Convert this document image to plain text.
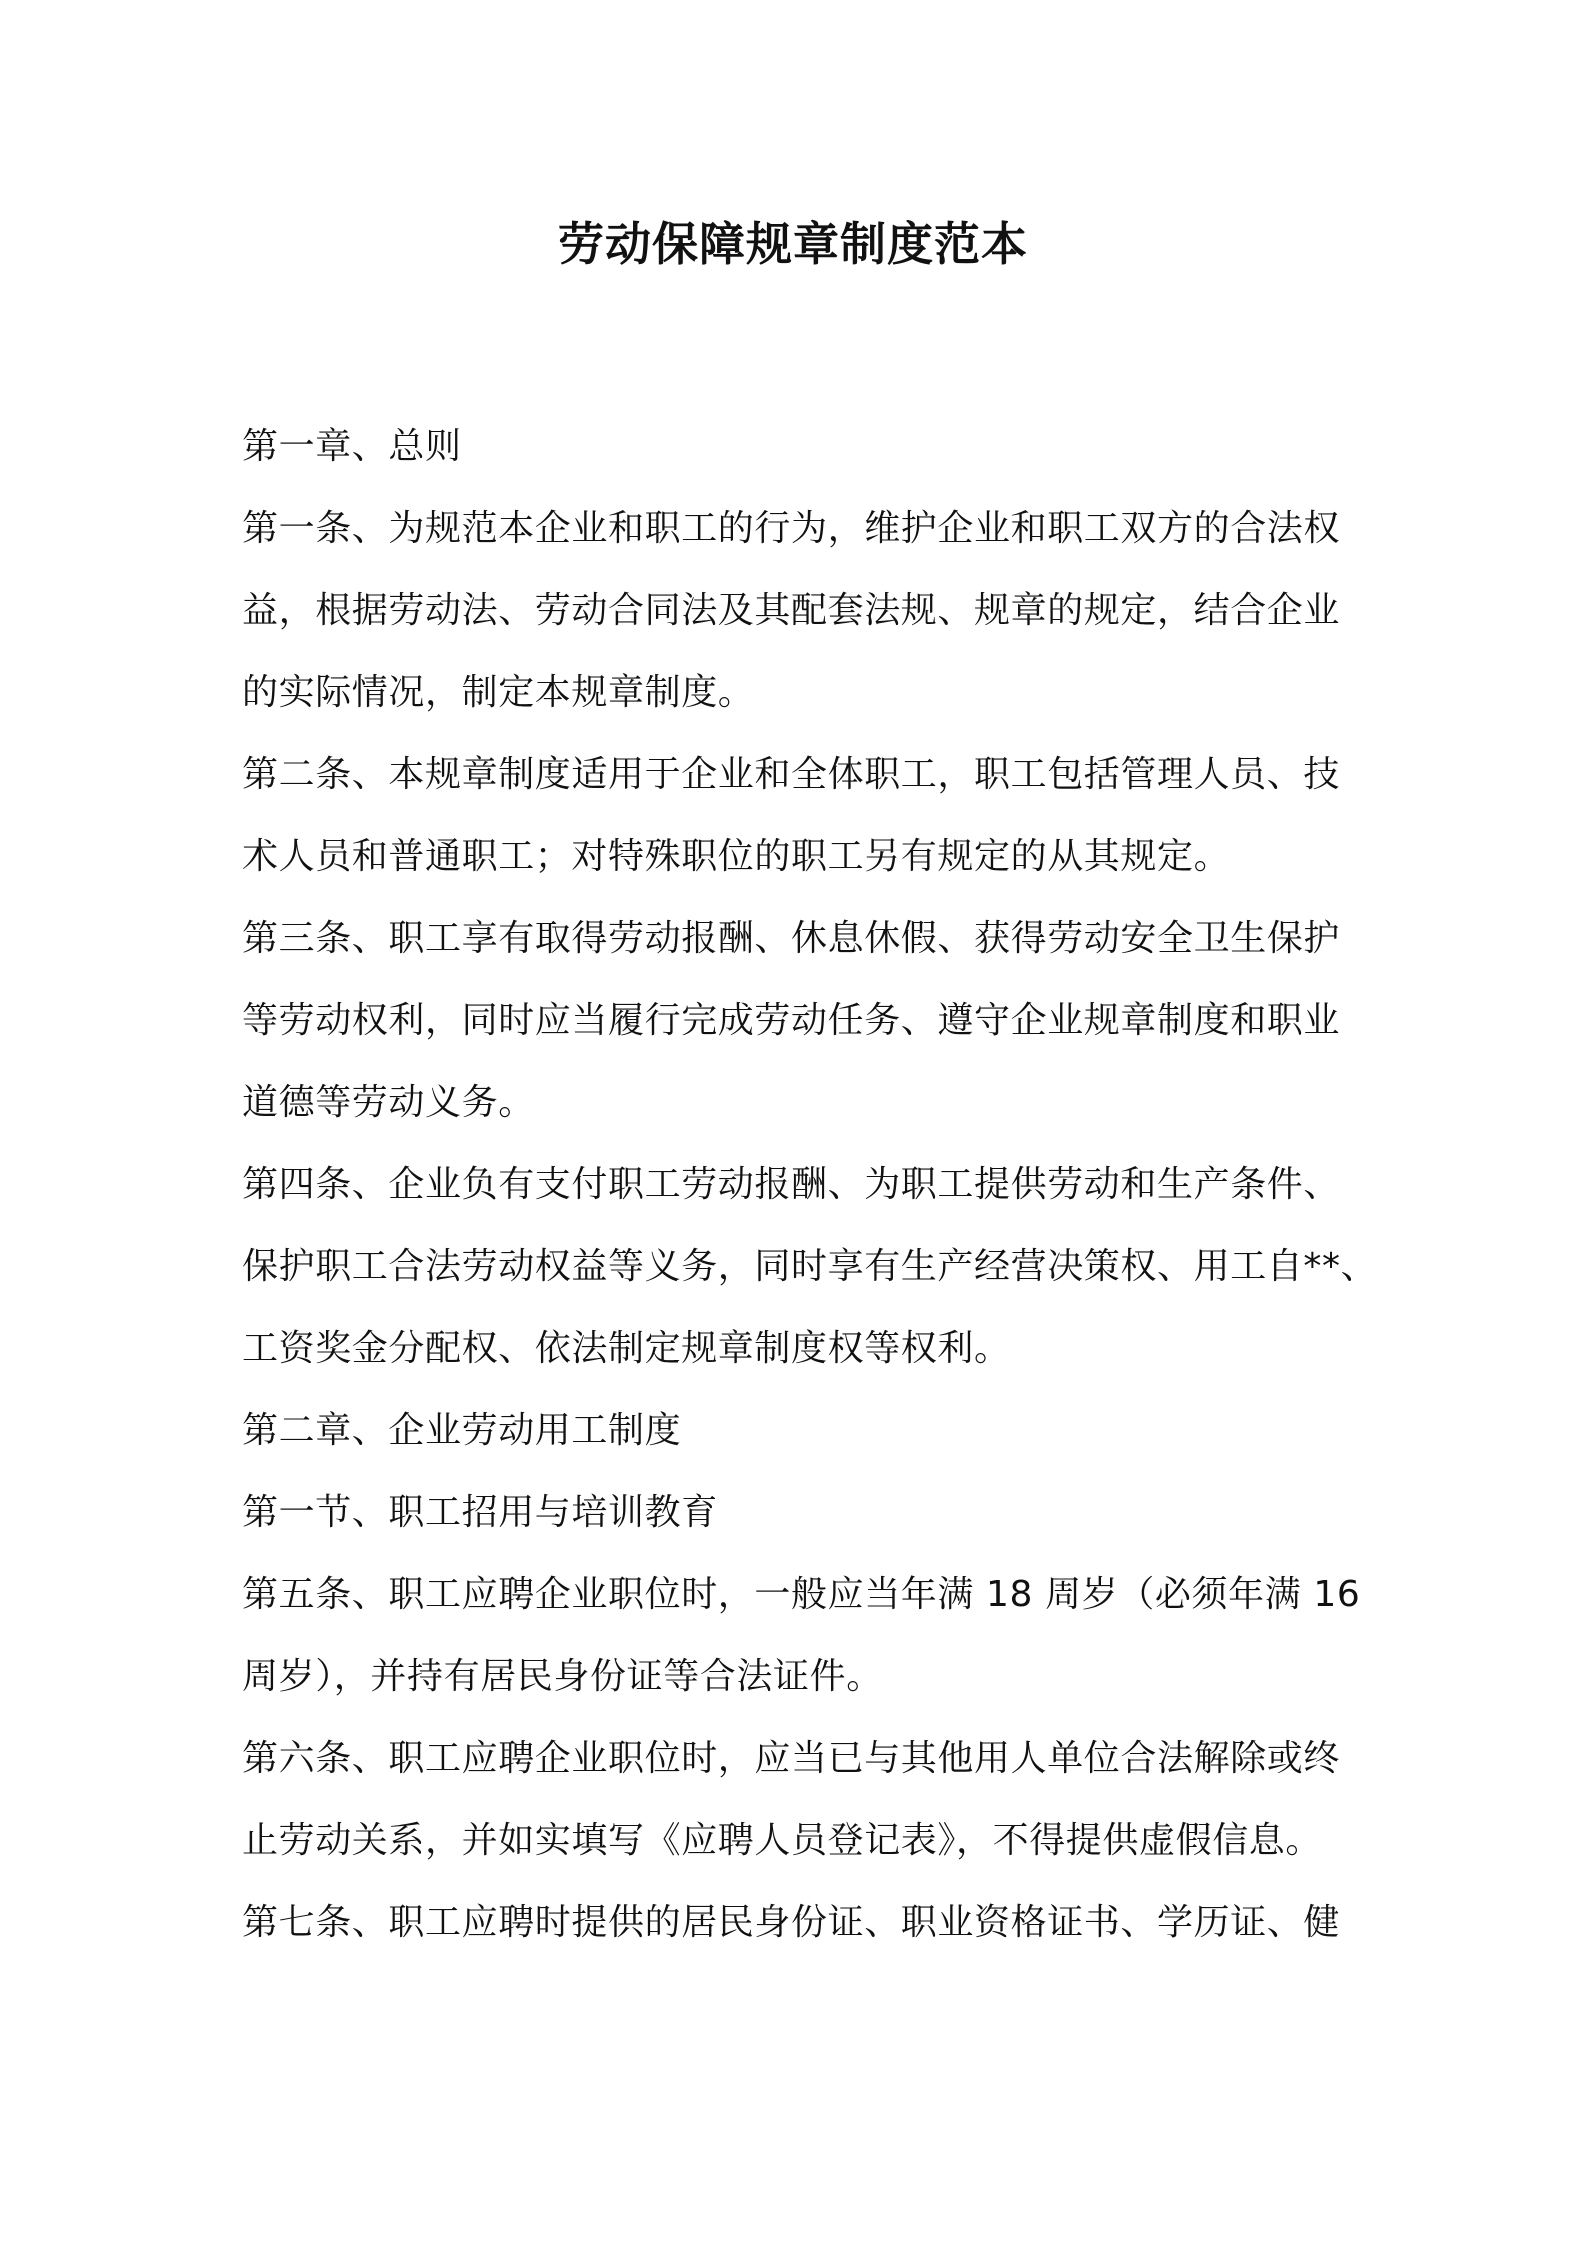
劳动保障规章制度范本
第一章、总则
第一条、为规范本企业和职工的行为，维护企业和职工双方的合法权
益，根据劳动法、劳动合同法及其配套法规、规章的规定，结合企业
的实际情况，制定本规章制度。
第二条、本规章制度适用于企业和全体职工，职工包括管理人员、技
术人员和普通职工；对特殊职位的职工另有规定的从其规定。
第三条、职工享有取得劳动报酬、休息休假、获得劳动安全卫生保护
等劳动权利，同时应当履行完成劳动任务、遵守企业规章制度和职业
道德等劳动义务。
第四条、企业负有支付职工劳动报酬、为职工提供劳动和生产条件、
保护职工合法劳动权益等义务，同时享有生产经营决策权、用工自**、
工资奖金分配权、依法制定规章制度权等权利。
第二章、企业劳动用工制度
第一节、职工招用与培训教育
第五条、职工应聘企业职位时，一般应当年满 18 周岁（必须年满 16
周岁），并持有居民身份证等合法证件。
第六条、职工应聘企业职位时，应当已与其他用人单位合法解除或终
止劳动关系，并如实填写《应聘人员登记表》，不得提供虚假信息。
第七条、职工应聘时提供的居民身份证、职业资格证书、学历证、健
